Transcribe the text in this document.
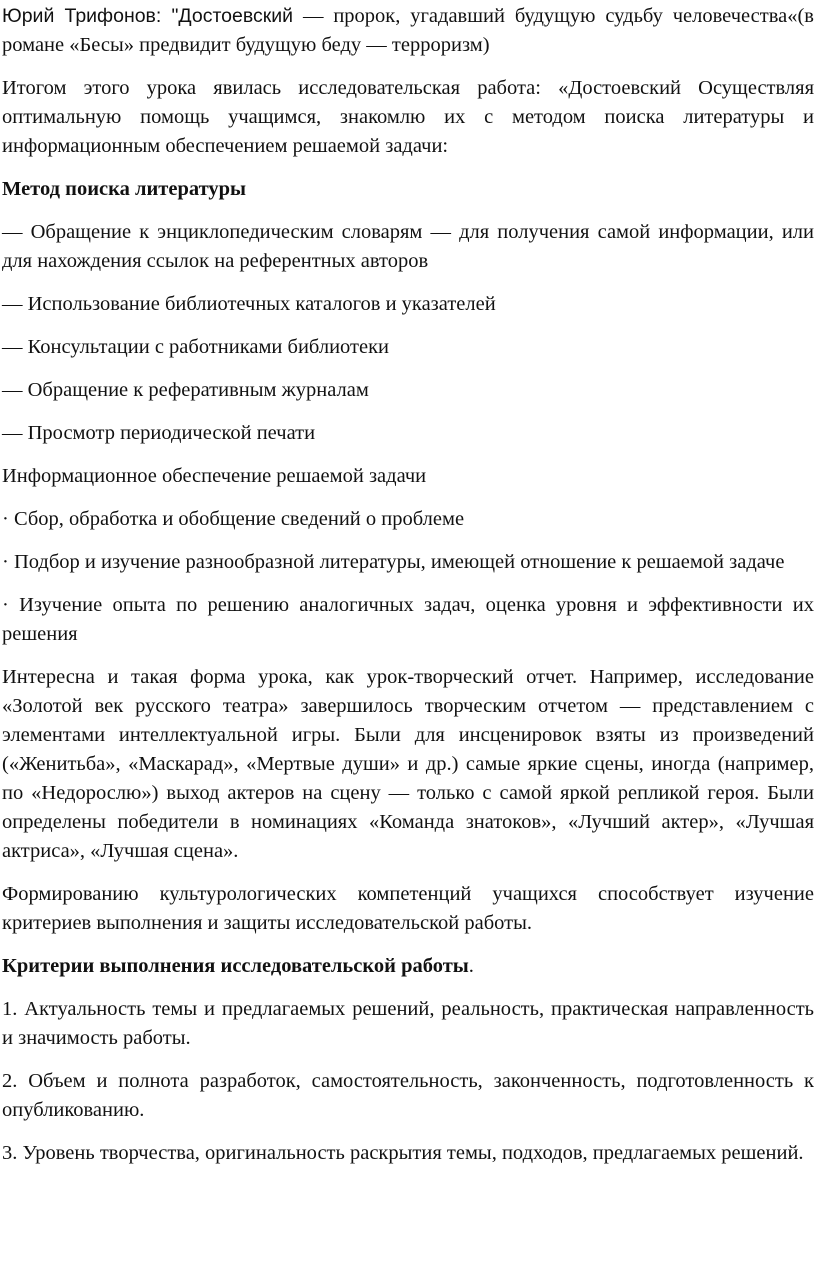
Юрий Трифонов: "Достоевский — пророк, угадавший будущую судьбу человечества«(в романе «Бесы» предвидит будущую беду — терроризм)

Итогом этого урока явилась исследовательская работа: «Достоевский Осуществляя оптимальную помощь учащимся, знакомлю их с методом поиска литературы и информационным обеспечением решаемой задачи:

Метод поиска литературы

— Обращение к энциклопедическим словарям — для получения самой информации, или для нахождения ссылок на референтных авторов

— Использование библиотечных каталогов и указателей

— Консультации с работниками библиотеки

— Обращение к реферативным журналам

— Просмотр периодической печати

Информационное обеспечение решаемой задачи

· Сбор, обработка и обобщение сведений о проблеме

· Подбор и изучение разнообразной литературы, имеющей отношение к решаемой задаче

· Изучение опыта по решению аналогичных задач, оценка уровня и эффективности их решения

Интересна и такая форма урока, как урок-творческий отчет. Например, исследование «Золотой век русского театра» завершилось творческим отчетом — представлением с элементами интеллектуальной игры. Были для инсценировок взяты из произведений («Женитьба», «Маскарад», «Мертвые души» и др.) самые яркие сцены, иногда (например, по «Недорослю») выход актеров на сцену — только с самой яркой репликой героя. Были определены победители в номинациях «Команда знатоков», «Лучший актер», «Лучшая актриса», «Лучшая сцена».

Формированию культурологических компетенций учащихся способствует изучение критериев выполнения и защиты исследовательской работы.

Критерии выполнения исследовательской работы.

1. Актуальность темы и предлагаемых решений, реальность, практическая направленность и значимость работы.

2. Объем и полнота разработок, самостоятельность, законченность, подготовленность к опубликованию.

3. Уровень творчества, оригинальность раскрытия темы, подходов, предлагаемых решений.
